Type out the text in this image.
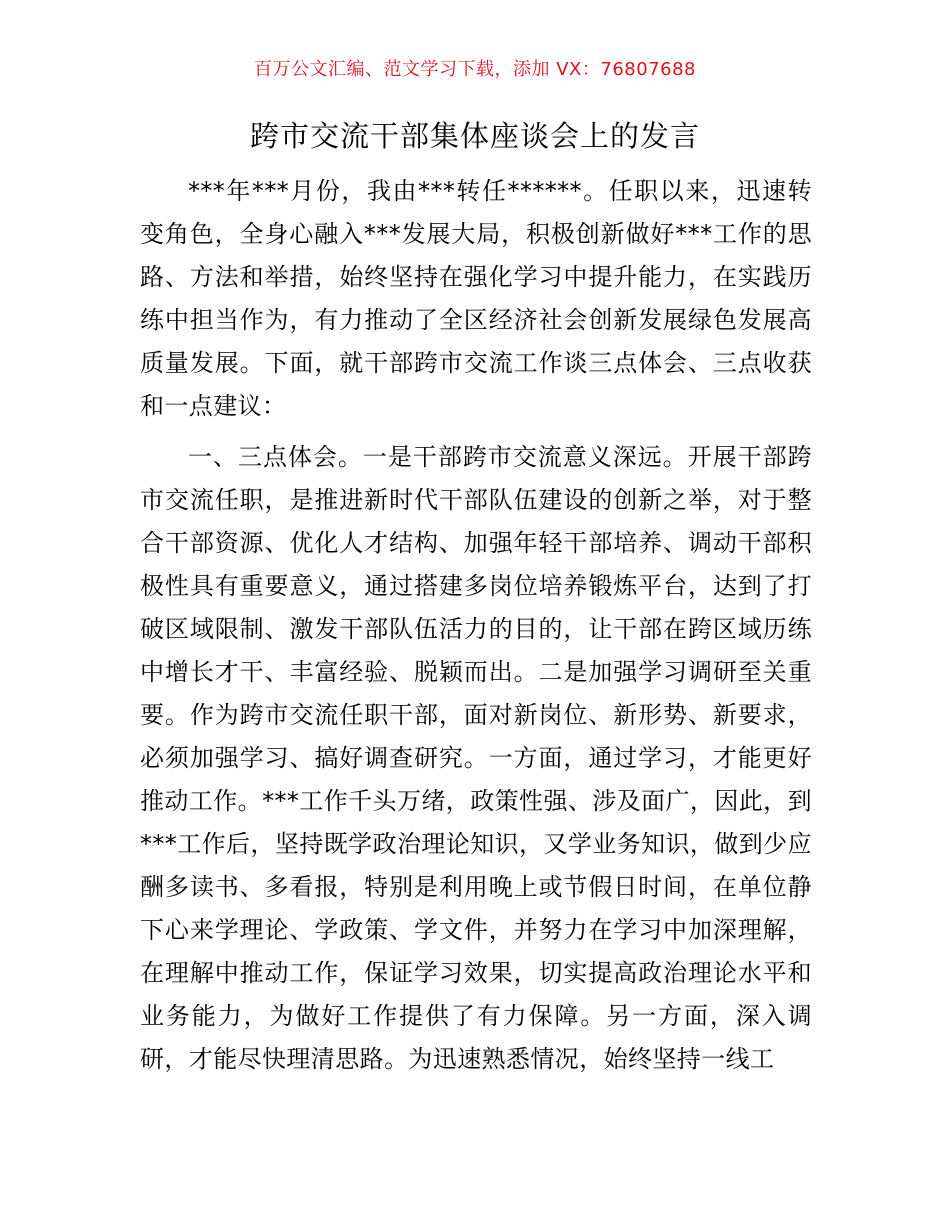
百万公文汇编、范文学习下载，添加 VX：76807688
跨市交流干部集体座谈会上的发言

***年***月份，我由***转任******。任职以来，迅速转变角色，全身心融入***发展大局，积极创新做好***工作的思路、方法和举措，始终坚持在强化学习中提升能力，在实践历练中担当作为，有力推动了全区经济社会创新发展绿色发展高质量发展。下面，就干部跨市交流工作谈三点体会、三点收获和一点建议：

一、三点体会。一是干部跨市交流意义深远。开展干部跨市交流任职，是推进新时代干部队伍建设的创新之举，对于整合干部资源、优化人才结构、加强年轻干部培养、调动干部积极性具有重要意义，通过搭建多岗位培养锻炼平台，达到了打破区域限制、激发干部队伍活力的目的，让干部在跨区域历练中增长才干、丰富经验、脱颖而出。二是加强学习调研至关重要。作为跨市交流任职干部，面对新岗位、新形势、新要求，必须加强学习、搞好调查研究。一方面，通过学习，才能更好推动工作。***工作千头万绪，政策性强、涉及面广，因此，到***工作后，坚持既学政治理论知识，又学业务知识，做到少应酬多读书、多看报，特别是利用晚上或节假日时间，在单位静下心来学理论、学政策、学文件，并努力在学习中加深理解，在理解中推动工作，保证学习效果，切实提高政治理论水平和业务能力，为做好工作提供了有力保障。另一方面，深入调研，才能尽快理清思路。为迅速熟悉情况，始终坚持一线工
